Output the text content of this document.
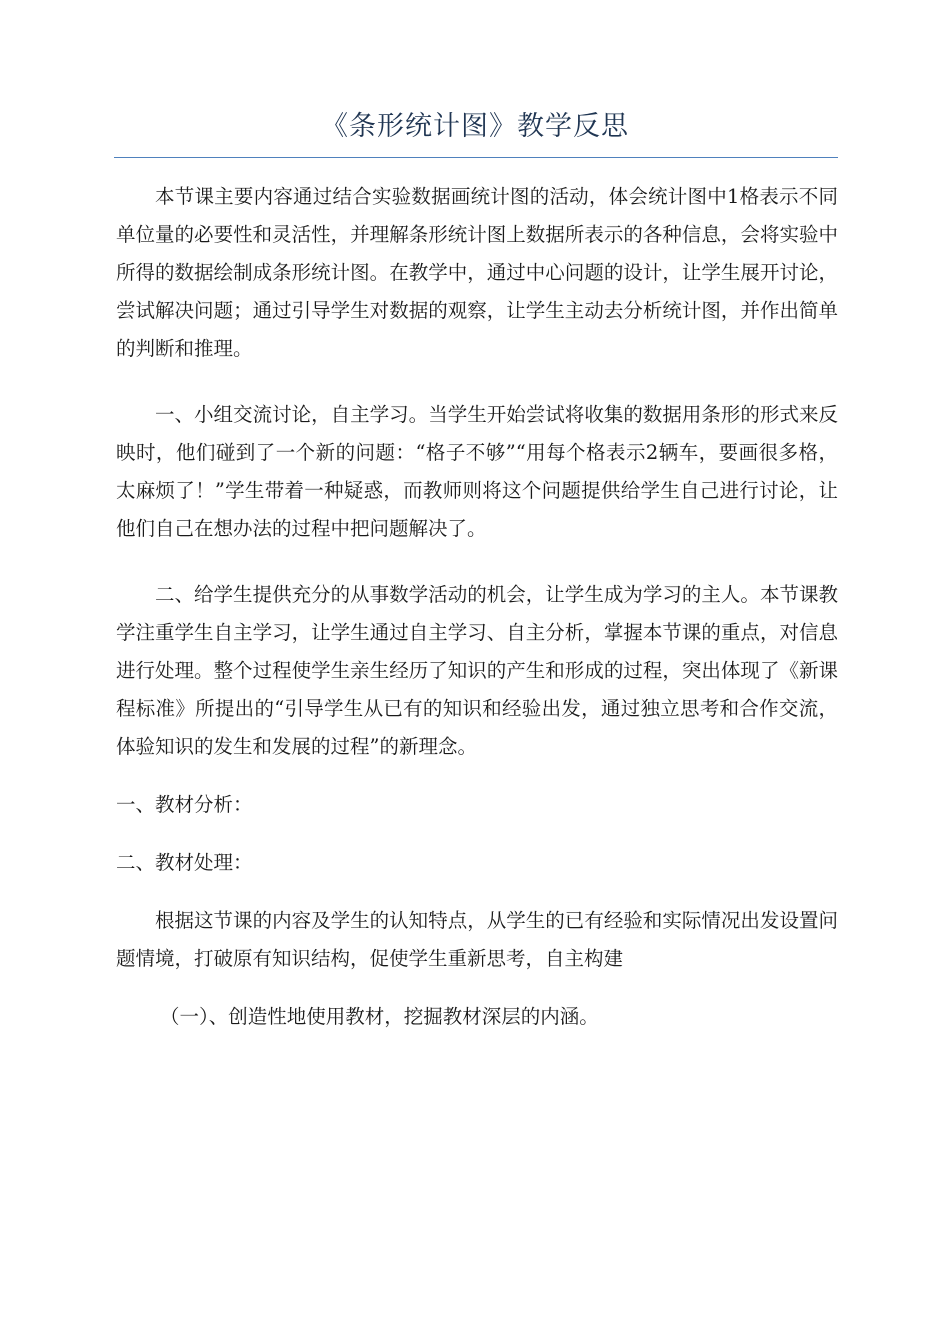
《条形统计图》教学反思

本节课主要内容通过结合实验数据画统计图的活动，体会统计图中1格表示不同单位量的必要性和灵活性，并理解条形统计图上数据所表示的各种信息，会将实验中所得的数据绘制成条形统计图。在教学中，通过中心问题的设计，让学生展开讨论，尝试解决问题；通过引导学生对数据的观察，让学生主动去分析统计图，并作出简单的判断和推理。

一、小组交流讨论，自主学习。当学生开始尝试将收集的数据用条形的形式来反映时，他们碰到了一个新的问题：“格子不够”“用每个格表示2辆车，要画很多格，太麻烦了！”学生带着一种疑惑，而教师则将这个问题提供给学生自己进行讨论，让他们自己在想办法的过程中把问题解决了。

二、给学生提供充分的从事数学活动的机会，让学生成为学习的主人。本节课教学注重学生自主学习，让学生通过自主学习、自主分析，掌握本节课的重点，对信息进行处理。整个过程使学生亲生经历了知识的产生和形成的过程，突出体现了《新课程标准》所提出的“引导学生从已有的知识和经验出发，通过独立思考和合作交流，体验知识的发生和发展的过程”的新理念。

一、教材分析：

二、教材处理：

根据这节课的内容及学生的认知特点，从学生的已有经验和实际情况出发设置问题情境，打破原有知识结构，促使学生重新思考，自主构建

（一）、创造性地使用教材，挖掘教材深层的内涵。
